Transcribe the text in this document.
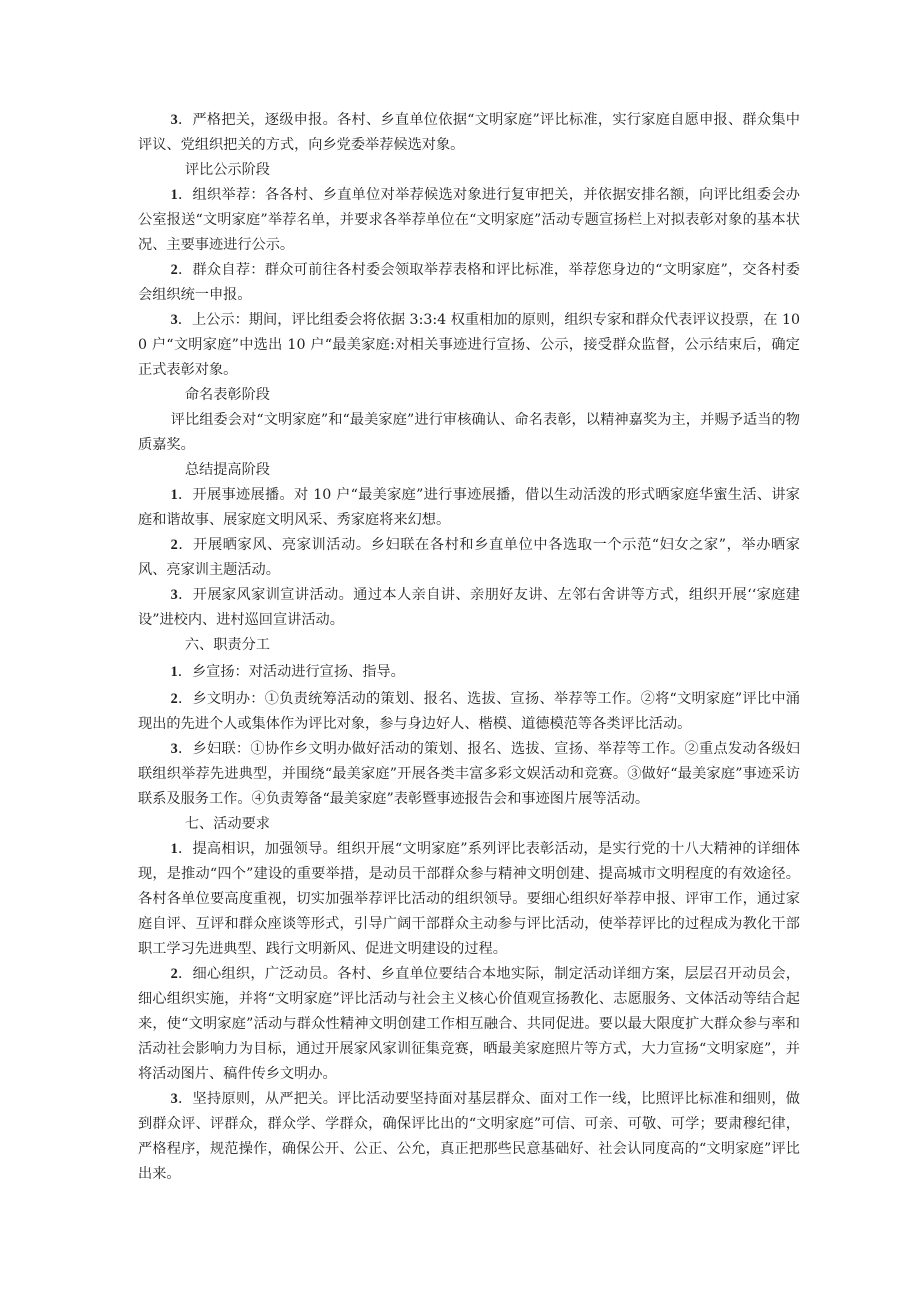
3．严格把关，逐级申报。各村、乡直单位依据“文明家庭”评比标准，实行家庭自愿申报、群众集中评议、党组织把关的方式，向乡党委举荐候选对象。

评比公示阶段

1．组织举荐：各各村、乡直单位对举荐候选对象进行复审把关，并依据安排名额，向评比组委会办公室报送“文明家庭”举荐名单，并要求各举荐单位在“文明家庭”活动专题宣扬栏上对拟表彰对象的基本状况、主要事迹进行公示。

2．群众自荐：群众可前往各村委会领取举荐表格和评比标准，举荐您身边的“文明家庭”，交各村委会组织统一申报。

3．上公示：期间，评比组委会将依据 3:3:4 权重相加的原则，组织专家和群众代表评议投票，在 100 户“文明家庭”中选出 10 户“最美家庭:对相关事迹进行宣扬、公示，接受群众监督，公示结束后，确定正式表彰对象。

命名表彰阶段

评比组委会对“文明家庭”和“最美家庭”进行审核确认、命名表彰，以精神嘉奖为主，并赐予适当的物质嘉奖。

总结提高阶段

1．开展事迹展播。对 10 户“最美家庭”进行事迹展播，借以生动活泼的形式晒家庭华蜜生活、讲家庭和谐故事、展家庭文明风采、秀家庭将来幻想。

2．开展晒家风、亮家训活动。乡妇联在各村和乡直单位中各选取一个示范“妇女之家”，举办晒家风、亮家训主题活动。

3．开展家风家训宣讲活动。通过本人亲自讲、亲朋好友讲、左邻右舍讲等方式，组织开展‘‘家庭建设”进校内、进村巡回宣讲活动。

六、职责分工

1．乡宣扬：对活动进行宣扬、指导。

2．乡文明办：①负责统筹活动的策划、报名、选拔、宣扬、举荐等工作。②将“文明家庭”评比中涌现出的先进个人或集体作为评比对象，参与身边好人、楷模、道德模范等各类评比活动。

3．乡妇联：①协作乡文明办做好活动的策划、报名、选拔、宣扬、举荐等工作。②重点发动各级妇联组织举荐先进典型，并围绕“最美家庭”开展各类丰富多彩文娱活动和竞赛。③做好“最美家庭”事迹采访联系及服务工作。④负责筹备“最美家庭”表彰暨事迹报告会和事迹图片展等活动。

七、活动要求

1．提高相识，加强领导。组织开展“文明家庭”系列评比表彰活动，是实行党的十八大精神的详细体现，是推动“四个”建设的重要举措，是动员干部群众参与精神文明创建、提高城市文明程度的有效途径。各村各单位要高度重视，切实加强举荐评比活动的组织领导。要细心组织好举荐申报、评审工作，通过家庭自评、互评和群众座谈等形式，引导广阔干部群众主动参与评比活动，使举荐评比的过程成为教化干部职工学习先进典型、践行文明新风、促进文明建设的过程。

2．细心组织，广泛动员。各村、乡直单位要结合本地实际，制定活动详细方案，层层召开动员会，细心组织实施，并将“文明家庭”评比活动与社会主义核心价值观宣扬教化、志愿服务、文体活动等结合起来，使“文明家庭”活动与群众性精神文明创建工作相互融合、共同促进。要以最大限度扩大群众参与率和活动社会影响力为目标，通过开展家风家训征集竞赛，晒最美家庭照片等方式，大力宣扬“文明家庭”，并将活动图片、稿件传乡文明办。

3．坚持原则，从严把关。评比活动要坚持面对基层群众、面对工作一线，比照评比标准和细则，做到群众评、评群众，群众学、学群众，确保评比出的“文明家庭”可信、可亲、可敬、可学；要肃穆纪律，严格程序，规范操作，确保公开、公正、公允，真正把那些民意基础好、社会认同度高的“文明家庭”评比出来。
